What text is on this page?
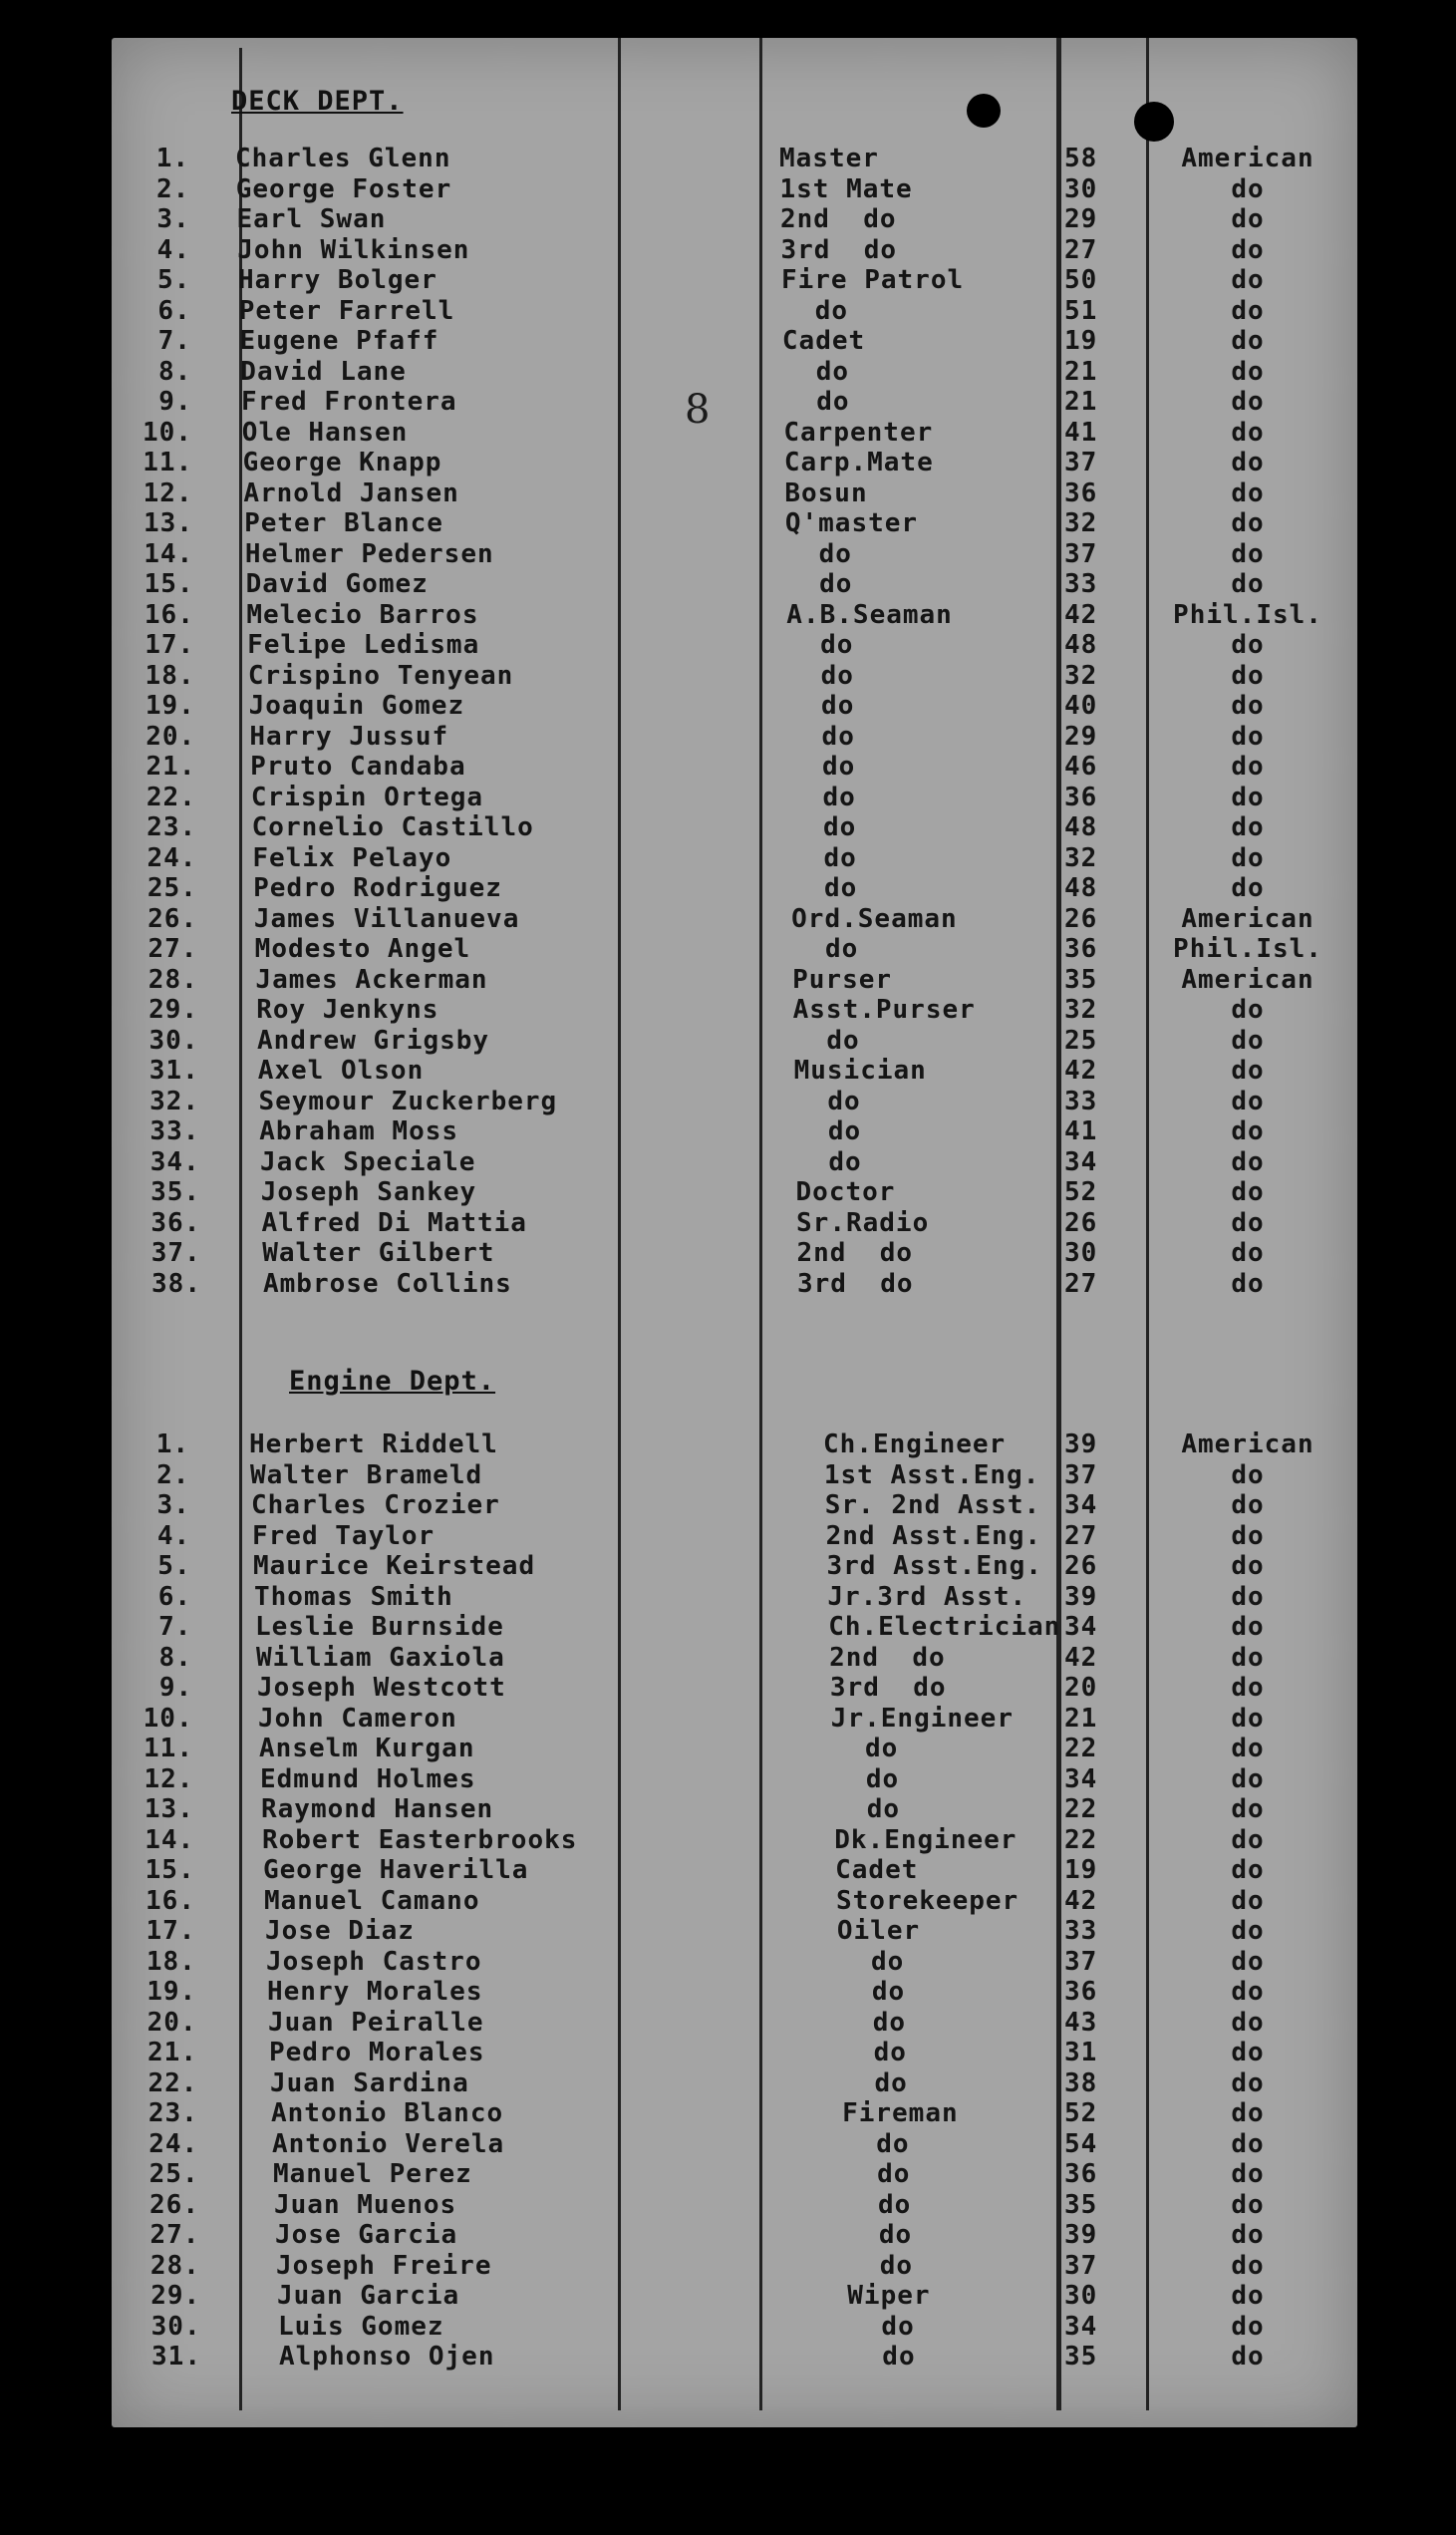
DECK DEPT.
8
Engine Dept.
1. Charles Glenn	Master	58	American
2. George Foster	1st Mate	30	do
3. Earl Swan	2nd  do	29	do
4. John Wilkinsen	3rd  do	27	do
5. Harry Bolger	Fire Patrol	50	do
6. Peter Farrell	do	51	do
7. Eugene Pfaff	Cadet	19	do
8. David Lane	do	21	do
9. Fred Frontera	do	21	do
10. Ole Hansen	Carpenter	41	do
11. George Knapp	Carp.Mate	37	do
12. Arnold Jansen	Bosun	36	do
13. Peter Blance	Q'master	32	do
14. Helmer Pedersen	do	37	do
15. David Gomez	do	33	do
16. Melecio Barros	A.B.Seaman	42	Phil.Isl.
17. Felipe Ledisma	do	48	do
18. Crispino Tenyean	do	32	do
19. Joaquin Gomez	do	40	do
20. Harry Jussuf	do	29	do
21. Pruto Candaba	do	46	do
22. Crispin Ortega	do	36	do
23. Cornelio Castillo	do	48	do
24. Felix Pelayo	do	32	do
25. Pedro Rodriguez	do	48	do
26. James Villanueva	Ord.Seaman	26	American
27. Modesto Angel	do	36	Phil.Isl.
28. James Ackerman	Purser	35	American
29. Roy Jenkyns	Asst.Purser	32	do
30. Andrew Grigsby	do	25	do
31. Axel Olson	Musician	42	do
32. Seymour Zuckerberg	do	33	do
33. Abraham Moss	do	41	do
34. Jack Speciale	do	34	do
35. Joseph Sankey	Doctor	52	do
36. Alfred Di Mattia	Sr.Radio	26	do
37. Walter Gilbert	2nd  do	30	do
38. Ambrose Collins	3rd  do	27	do
1. Herbert Riddell	Ch.Engineer 39	American
2. Walter Brameld	1st Asst.Eng. 37	do
3. Charles Crozier	Sr. 2nd Asst. 34	do
4. Fred Taylor	2nd Asst.Eng. 27	do
5. Maurice Keirstead	3rd Asst.Eng. 26	do
6. Thomas Smith	Jr.3rd Asst. 39	do
7. Leslie Burnside	Ch.Electrician 34	do
8. William Gaxiola	2nd  do	42	do
9. Joseph Westcott	3rd  do	20	do
10.	John Cameron	Jr.Engineer 21	do
11.	Anselm Kurgan	do	22	do
12.	Edmund Holmes	do	34	do
13.	Raymond Hansen	do	22	do
14.	Robert Easterbrooks	Dk.Engineer 22	do
15.	George Haverilla	Cadet	19	do
16.	Manuel Camano	Storekeeper 42	do
17.	Jose Diaz	Oiler	33	do
18.	Joseph Castro	do	37	do
19.	Henry Morales	do	36	do
20.	Juan Peiralle	do	43	do
21.	Pedro Morales	do	31	do
22.	Juan Sardina	do	38	do
23.	Antonio Blanco	Fireman	52	do
24.	Antonio Verela	do	54	do
25.	Manuel Perez	do	36	do
26.	Juan Muenos	do	35	do
27.	Jose Garcia	do	39	do
28.	Joseph Freire	do	37	do
29.	Juan Garcia	Wiper	30	do
30.	Luis Gomez	do	34	do
31.	Alphonso Ojen	do	35	do
